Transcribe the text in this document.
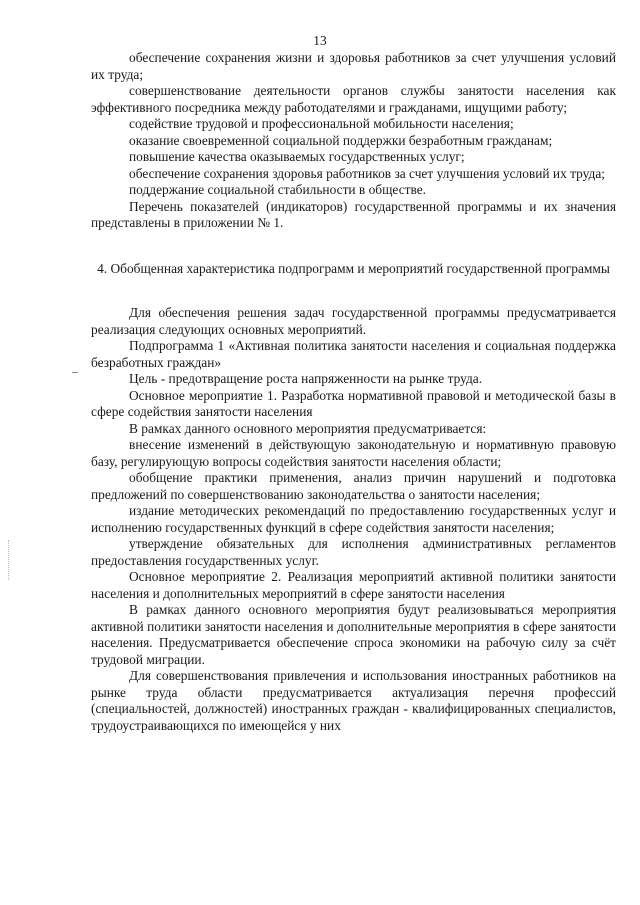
13

обеспечение сохранения жизни и здоровья работников за счет улучшения условий их труда;

совершенствование деятельности органов службы занятости населения как эффективного посредника между работодателями и гражданами, ищущими работу;

содействие трудовой и профессиональной мобильности населения;

оказание своевременной социальной поддержки безработным гражданам;

повышение качества оказываемых государственных услуг;

обеспечение сохранения здоровья работников за счет улучшения условий их труда;

поддержание социальной стабильности в обществе.

Перечень показателей (индикаторов) государственной программы и их значения представлены в приложении № 1.

4. Обобщенная характеристика подпрограмм и мероприятий государственной программы

Для обеспечения решения задач государственной программы предусматривается реализация следующих основных мероприятий.

Подпрограмма 1 «Активная политика занятости населения и социальная поддержка безработных граждан»

Цель - предотвращение роста напряженности на рынке труда.

Основное мероприятие 1. Разработка нормативной правовой и методической базы в сфере содействия занятости населения

В рамках данного основного мероприятия предусматривается:

внесение изменений в действующую законодательную и нормативную правовую базу, регулирующую вопросы содействия занятости населения области;

обобщение практики применения, анализ причин нарушений и подготовка предложений по совершенствованию законодательства о занятости населения;

издание методических рекомендаций по предоставлению государственных услуг и исполнению государственных функций в сфере содействия занятости населения;

утверждение обязательных для исполнения административных регламентов предоставления государственных услуг.

Основное мероприятие 2. Реализация мероприятий активной политики занятости населения и дополнительных мероприятий в сфере занятости населения

В рамках данного основного мероприятия будут реализовываться мероприятия активной политики занятости населения и дополнительные мероприятия в сфере занятости населения. Предусматривается обеспечение спроса экономики на рабочую силу за счёт трудовой миграции.

Для совершенствования привлечения и использования иностранных работников на рынке труда области предусматривается актуализация перечня профессий (специальностей, должностей) иностранных граждан - квалифицированных специалистов, трудоустраивающихся по имеющейся у них
